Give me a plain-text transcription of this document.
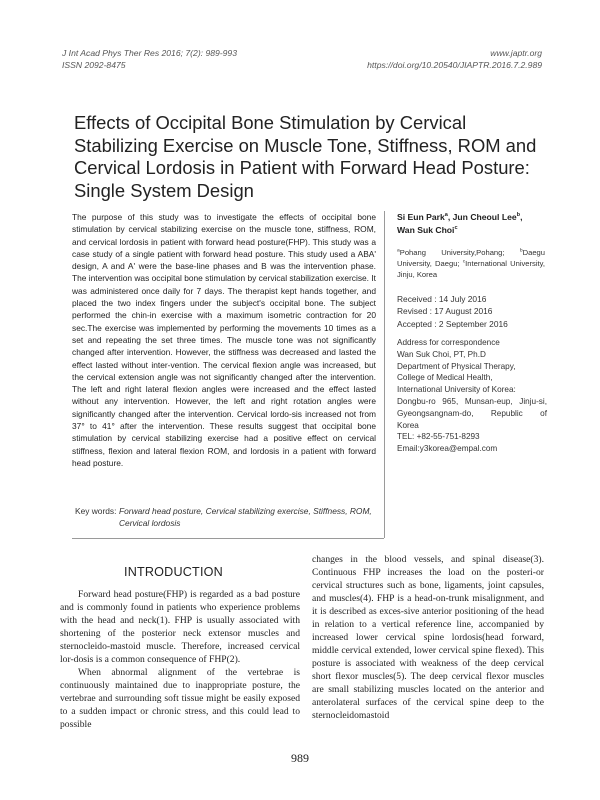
J Int Acad Phys Ther Res 2016; 7(2): 989-993
ISSN 2092-8475
www.japtr.org
https://doi.org/10.20540/JIAPTR.2016.7.2.989
Effects of Occipital Bone Stimulation by Cervical Stabilizing Exercise on Muscle Tone, Stiffness, ROM and Cervical Lordosis in Patient with Forward Head Posture: Single System Design

The purpose of this study was to investigate the effects of occipital bone stimulation by cervical stabilizing exercise on the muscle tone, stiffness, ROM, and cervical lordosis in patient with forward head posture(FHP). This study was a case study of a single patient with forward head posture. This study used a ABA' design, A and A' were the base-line phases and B was the intervention phase. The intervention was occipital bone stimulation by cervical stabilization exercise. It was administered once daily for 7 days. The therapist kept hands together, and placed the two index fingers under the subject's occipital bone. The subject performed the chin-in exercise with a maximum isometric contraction for 20 sec.The exercise was implemented by performing the movements 10 times as a set and repeating the set three times. The muscle tone was not significantly changed after intervention. However, the stiffness was decreased and lasted the effect lasted without inter-vention. The cervical flexion angle was increased, but the cervical extension angle was not significantly changed after the intervention. The left and right lateral flexion angles were increased and the effect lasted without any intervention. However, the left and right rotation angles were significantly changed after the intervention. Cervical lordo-sis increased not from 37° to 41° after the intervention. These results suggest that occipital bone stimulation by cervical stabilizing exercise had a positive effect on cervical stiffness, flexion and lateral flexion ROM, and lordosis in a patient with forward head posture.

Key words: Forward head posture, Cervical stabilizing exercise, Stiffness, ROM, Cervical lordosis

Si Eun Park$^a$, Jun Cheoul Lee$^b$,
Wan Suk Choi$^c$

$^a$Pohang University,Pohang; $^b$Daegu University, Daegu; $^c$International University, Jinju, Korea

Received : 14 July 2016
Revised : 17 August 2016
Accepted : 2 September 2016
Address for correspondence
Wan Suk Choi, PT, Ph.D
Department of Physical Therapy,
College of Medical Health,
International University of Korea:
Dongbu-ro 965, Munsan-eup, Jinju-si,
Gyeongsangnam-do, Republic of
Korea
TEL: +82-55-751-8293
Email:y3korea@empal.com
INTRODUCTION

Forward head posture(FHP) is regarded as a bad posture and is commonly found in patients who experience problems with the head and neck(1). FHP is usually associated with shortening of the posterior neck extensor muscles and sternocleido-mastoid muscle. Therefore, increased cervical lor-dosis is a common consequence of FHP(2).

When abnormal alignment of the vertebrae is continuously maintained due to inappropriate posture, the vertebrae and surrounding soft tissue might be easily exposed to a sudden impact or chronic stress, and this could lead to possible

changes in the blood vessels, and spinal disease(3). Continuous FHP increases the load on the posteri-or cervical structures such as bone, ligaments, joint capsules, and muscles(4). FHP is a head-on-trunk misalignment, and it is described as exces-sive anterior positioning of the head in relation to a vertical reference line, accompanied by increased lower cervical spine lordosis(head forward, middle cervical extended, lower cervical spine flexed). This posture is associated with weakness of the deep cervical short flexor muscles(5). The deep cervical flexor muscles are small stabilizing muscles located on the anterior and anterolateral surfaces of the cervical spine deep to the sternocleidomastoid

989
